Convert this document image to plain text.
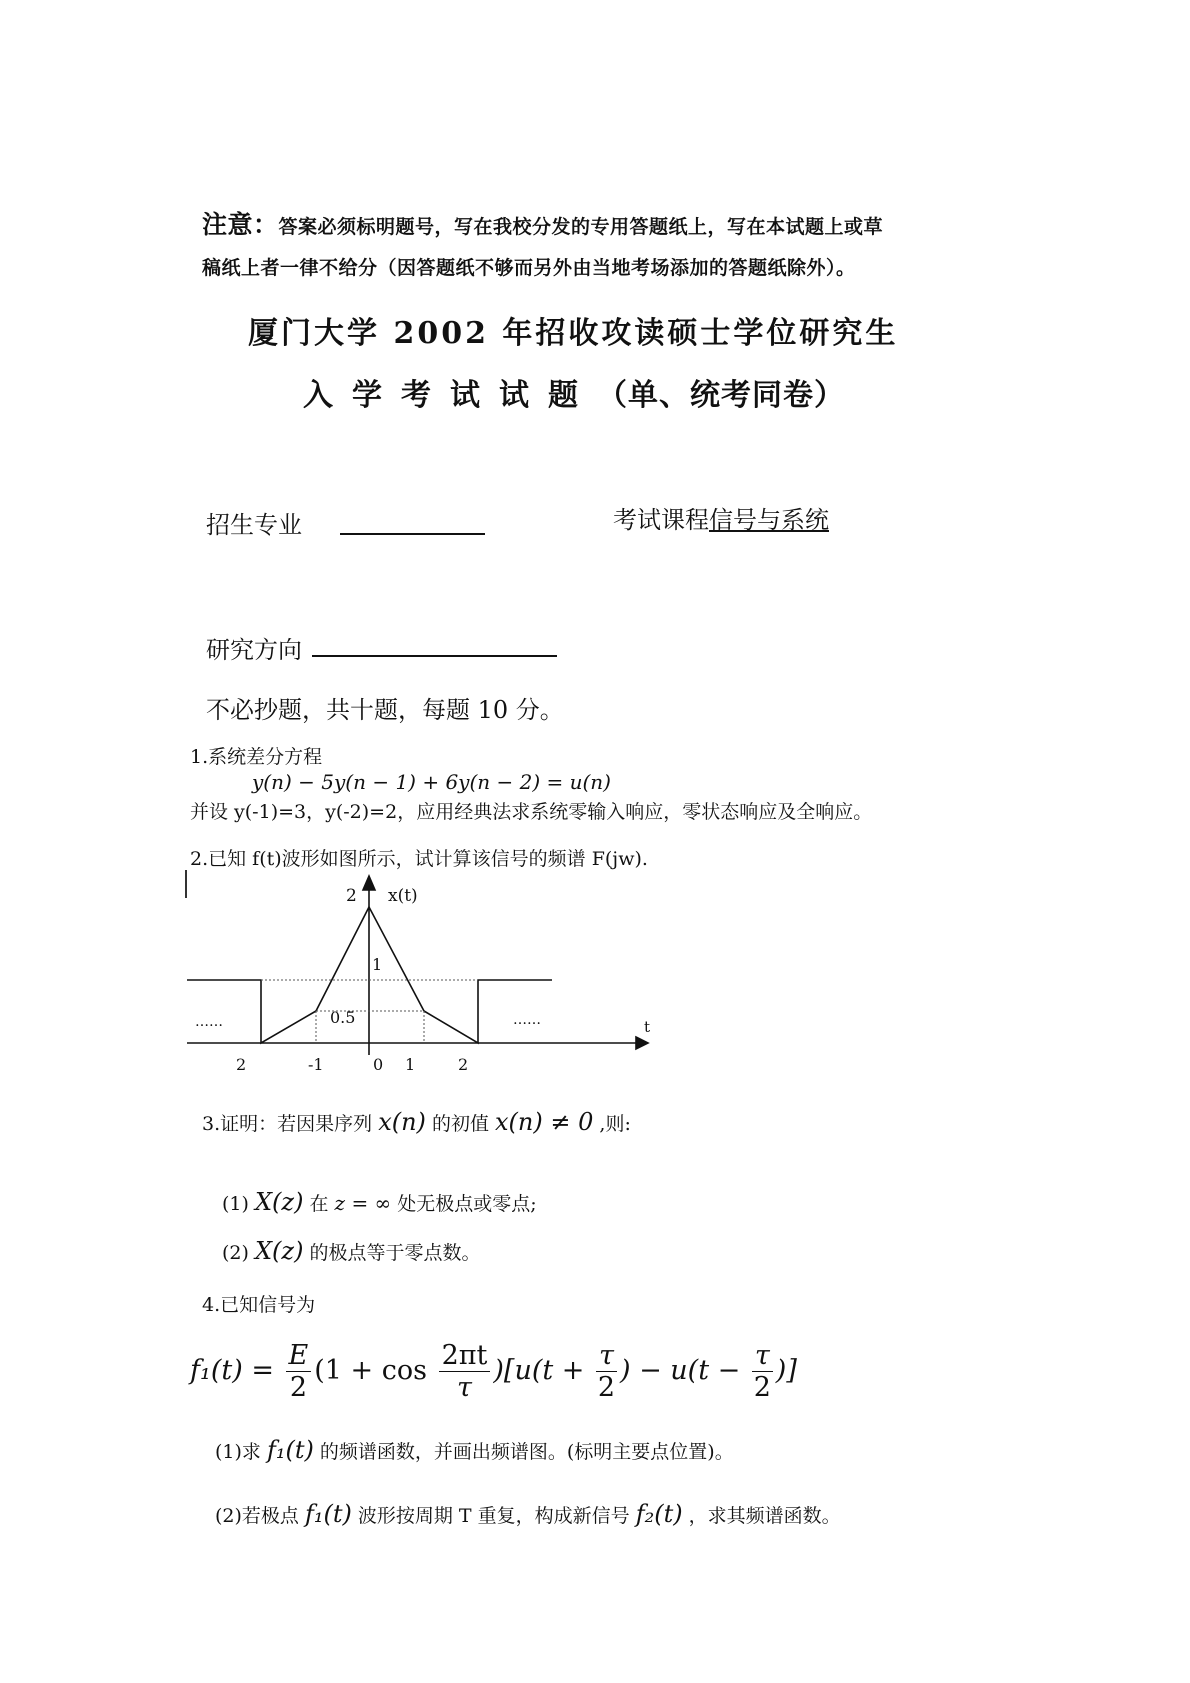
注意：答案必须标明题号，写在我校分发的专用答题纸上，写在本试题上或草
稿纸上者一律不给分（因答题纸不够而另外由当地考场添加的答题纸除外）。
厦门大学 2002 年招收攻读硕士学位研究生
入学考试试题（单、统考同卷）
招生专业	考试课程信号与系统
研究方向
不必抄题，共十题，每题 10 分。
1.系统差分方程
y(n) − 5y(n − 1) + 6y(n − 2) = u(n)
并设 y(-1)=3，y(-2)=2，应用经典法求系统零输入响应，零状态响应及全响应。
2.已知 f(t)波形如图所示，试计算该信号的频谱 F(jw).
2 x(t)
1
0.5
……	……	t
2	-1	0 1	2
3.证明：若因果序列 x(n) 的初值 x(n) ≠ 0 ,则:
(1) X(z) 在 z = ∞ 处无极点或零点;
(2) X(z) 的极点等于零点数。
4.已知信号为
$f_1(t) = \frac{E}{2} (1 + \cos \frac{2\pi t}{\tau} )[u(t + \frac{\tau}{2}$ ) − $u(t - \frac{\tau}{2}$ )]
(1)求 f₁(t) 的频谱函数，并画出频谱图。(标明主要点位置)。
(2)若极点 f₁(t) 波形按周期 T 重复，构成新信号 f₂(t) ，求其频谱函数。
